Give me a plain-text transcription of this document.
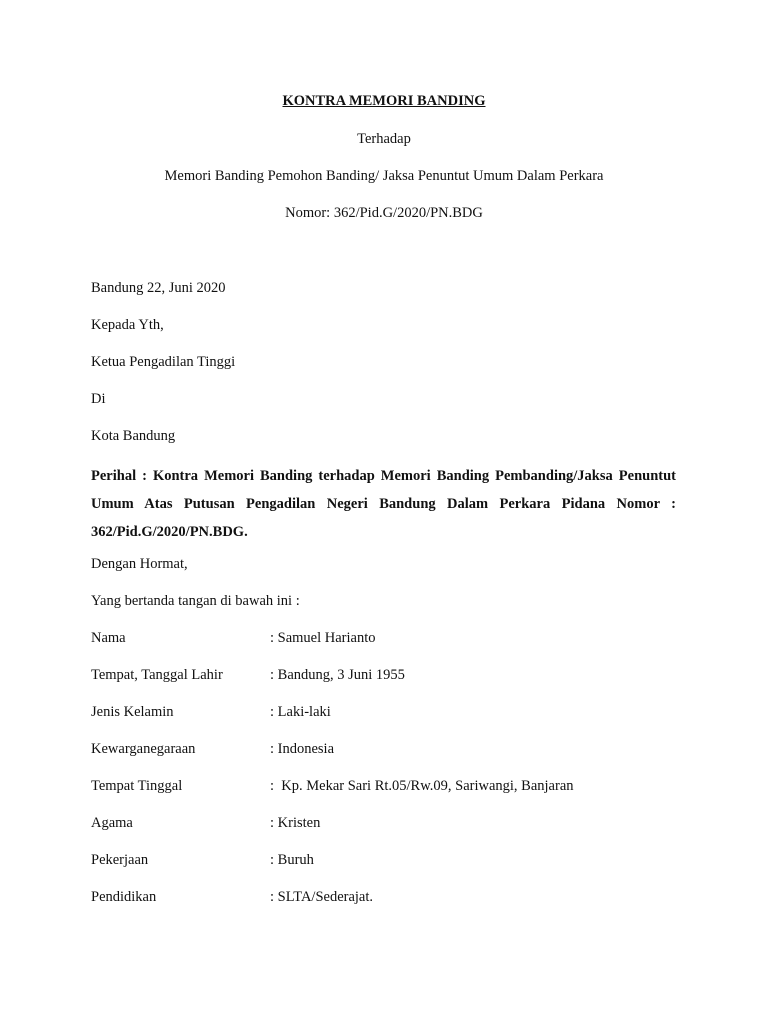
KONTRA MEMORI BANDING
Terhadap
Memori Banding Pemohon Banding/ Jaksa Penuntut Umum Dalam Perkara
Nomor: 362/Pid.G/2020/PN.BDG
Bandung 22, Juni 2020
Kepada Yth,
Ketua Pengadilan Tinggi
Di
Kota Bandung
Perihal : Kontra Memori Banding terhadap Memori Banding Pembanding/Jaksa Penuntut
Umum Atas Putusan Pengadilan Negeri Bandung Dalam Perkara Pidana Nomor :
362/Pid.G/2020/PN.BDG.
Dengan Hormat,
Yang bertanda tangan di bawah ini :
Nama	: Samuel Harianto
Tempat, Tanggal Lahir	: Bandung, 3 Juni 1955
Jenis Kelamin	: Laki-laki
Kewarganegaraan	: Indonesia
Tempat Tinggal	:  Kp. Mekar Sari Rt.05/Rw.09, Sariwangi, Banjaran
Agama	: Kristen
Pekerjaan	: Buruh
Pendidikan	: SLTA/Sederajat.
